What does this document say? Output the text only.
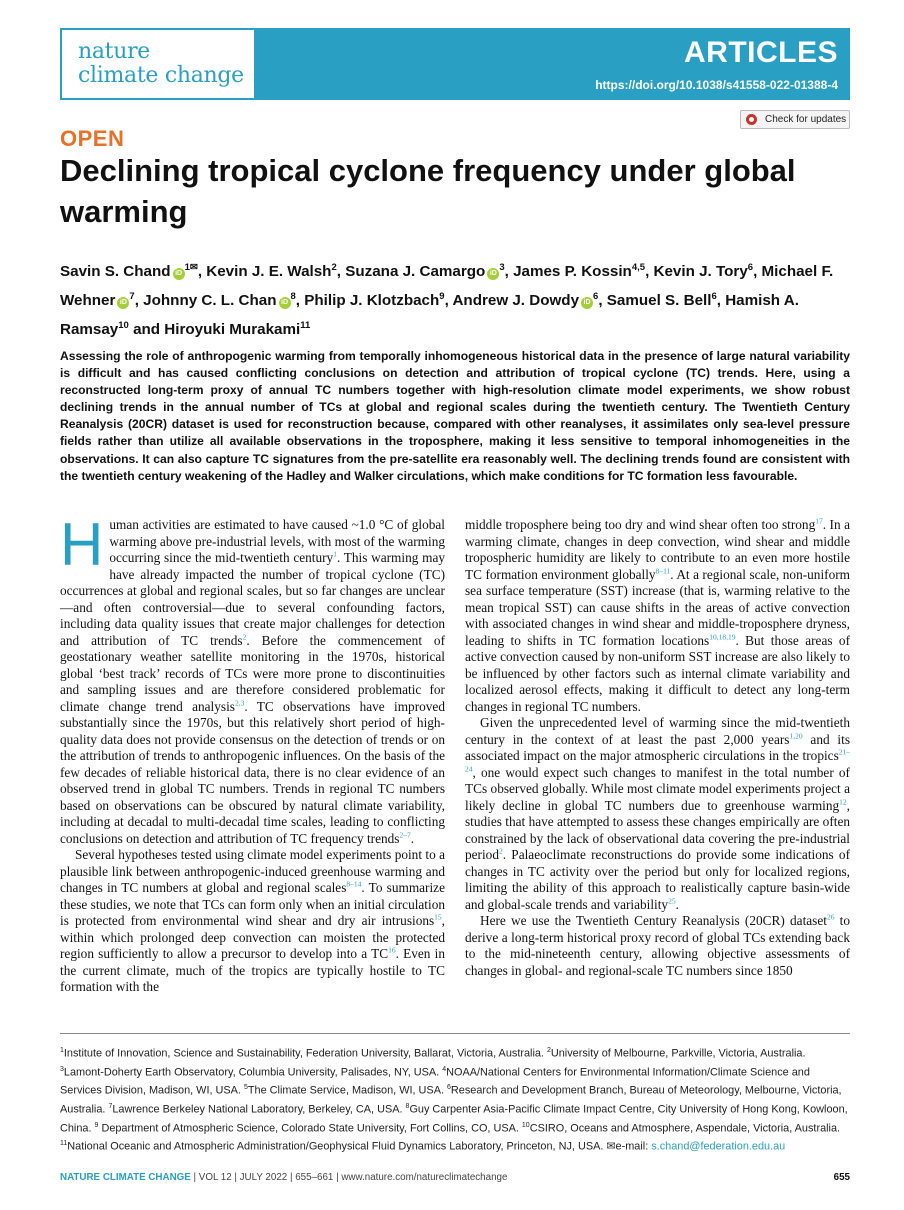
nature
climate change
ARTICLES
https://doi.org/10.1038/s41558-022-01388-4
OPEN
Check for updates
Declining tropical cyclone frequency under global warming
Savin S. Chand $iD^{1✉}$, Kevin J. E. Walsh$^2$, Suzana J. Camargo $iD^3$, James P. Kossin$^{4,5}$, Kevin J. Tory$^6$, Michael F. Wehner $iD^7$, Johnny C. L. Chan $iD^8$, Philip J. Klotzbach$^9$, Andrew J. Dowdy $iD^6$, Samuel S. Bell$^6$, Hamish A. Ramsay$^{10}$ and Hiroyuki Murakami$^{11}$
Assessing the role of anthropogenic warming from temporally inhomogeneous historical data in the presence of large natural variability is difficult and has caused conflicting conclusions on detection and attribution of tropical cyclone (TC) trends. Here, using a reconstructed long-term proxy of annual TC numbers together with high-resolution climate model experiments, we show robust declining trends in the annual number of TCs at global and regional scales during the twentieth century. The Twentieth Century Reanalysis (20CR) dataset is used for reconstruction because, compared with other reanalyses, it assimilates only sea-level pressure fields rather than utilize all available observations in the troposphere, making it less sensitive to temporal inhomogeneities in the observations. It can also capture TC signatures from the pre-satellite era reasonably well. The declining trends found are consistent with the twentieth century weakening of the Hadley and Walker circulations, which make conditions for TC formation less favourable.

Human activities are estimated to have caused ~1.0 °C of global warming above pre-industrial levels, with most of the warming occurring since the mid-twentieth century$^1$. This warming may have already impacted the number of tropical cyclone (TC) occurrences at global and regional scales, but so far changes are unclear—and often controversial—due to several confounding factors, including data quality issues that create major challenges for detection and attribution of TC trends$^2$. Before the commencement of geostationary weather satellite monitoring in the 1970s, historical global ‘best track’ records of TCs were more prone to discontinuities and sampling issues and are therefore considered problematic for climate change trend analysis$^{2,3}$. TC observations have improved substantially since the 1970s, but this relatively short period of high-quality data does not provide consensus on the detection of trends or on the attribution of trends to anthropogenic influences. On the basis of the few decades of reliable historical data, there is no clear evidence of an observed trend in global TC numbers. Trends in regional TC numbers based on observations can be obscured by natural climate variability, including at decadal to multi-decadal time scales, leading to conflicting conclusions on detection and attribution of TC frequency trends$^{2-7}$.

Several hypotheses tested using climate model experiments point to a plausible link between anthropogenic-induced greenhouse warming and changes in TC numbers at global and regional scales$^{8-14}$. To summarize these studies, we note that TCs can form only when an initial circulation is protected from environmental wind shear and dry air intrusions$^{15}$, within which prolonged deep convection can moisten the protected region sufficiently to allow a precursor to develop into a TC$^{16}$. Even in the current climate, much of the tropics are typically hostile to TC formation with the

middle troposphere being too dry and wind shear often too strong$^{17}$. In a warming climate, changes in deep convection, wind shear and middle tropospheric humidity are likely to contribute to an even more hostile TC formation environment globally$^{8-11}$. At a regional scale, non-uniform sea surface temperature (SST) increase (that is, warming relative to the mean tropical SST) can cause shifts in the areas of active convection with associated changes in wind shear and middle-troposphere dryness, leading to shifts in TC formation locations$^{10,18,19}$. But those areas of active convection caused by non-uniform SST increase are also likely to be influenced by other factors such as internal climate variability and localized aerosol effects, making it difficult to detect any long-term changes in regional TC numbers.

Given the unprecedented level of warming since the mid-twentieth century in the context of at least the past 2,000 years$^{1,20}$ and its associated impact on the major atmospheric circulations in the tropics$^{21-24}$, one would expect such changes to manifest in the total number of TCs observed globally. While most climate model experiments project a likely decline in global TC numbers due to greenhouse warming$^{12}$, studies that have attempted to assess these changes empirically are often constrained by the lack of observational data covering the pre-industrial period$^2$. Palaeoclimate reconstructions do provide some indications of changes in TC activity over the period but only for localized regions, limiting the ability of this approach to realistically capture basin-wide and global-scale trends and variability$^{25}$.

Here we use the Twentieth Century Reanalysis (20CR) dataset$^{26}$ to derive a long-term historical proxy record of global TCs extending back to the mid-nineteenth century, allowing objective assessments of changes in global- and regional-scale TC numbers since 1850

$^1$Institute of Innovation, Science and Sustainability, Federation University, Ballarat, Victoria, Australia. $^2$University of Melbourne, Parkville, Victoria, Australia. $^3$Lamont-Doherty Earth Observatory, Columbia University, Palisades, NY, USA. $^4$NOAA/National Centers for Environmental Information/Climate Science and Services Division, Madison, WI, USA. $^5$The Climate Service, Madison, WI, USA. $^6$Research and Development Branch, Bureau of Meteorology, Melbourne, Victoria, Australia. $^7$Lawrence Berkeley National Laboratory, Berkeley, CA, USA. $^8$Guy Carpenter Asia-Pacific Climate Impact Centre, City University of Hong Kong, Kowloon, China. $^9$ Department of Atmospheric Science, Colorado State University, Fort Collins, CO, USA. $^{10}$CSIRO, Oceans and Atmosphere, Aspendale, Victoria, Australia. $^{11}$National Oceanic and Atmospheric Administration/Geophysical Fluid Dynamics Laboratory, Princeton, NJ, USA. ✉e-mail: s.chand@federation.edu.au
NATURE CLIMATE CHANGE | VOL 12 | JULY 2022 | 655–661 | www.nature.com/natureclimatechange	655
